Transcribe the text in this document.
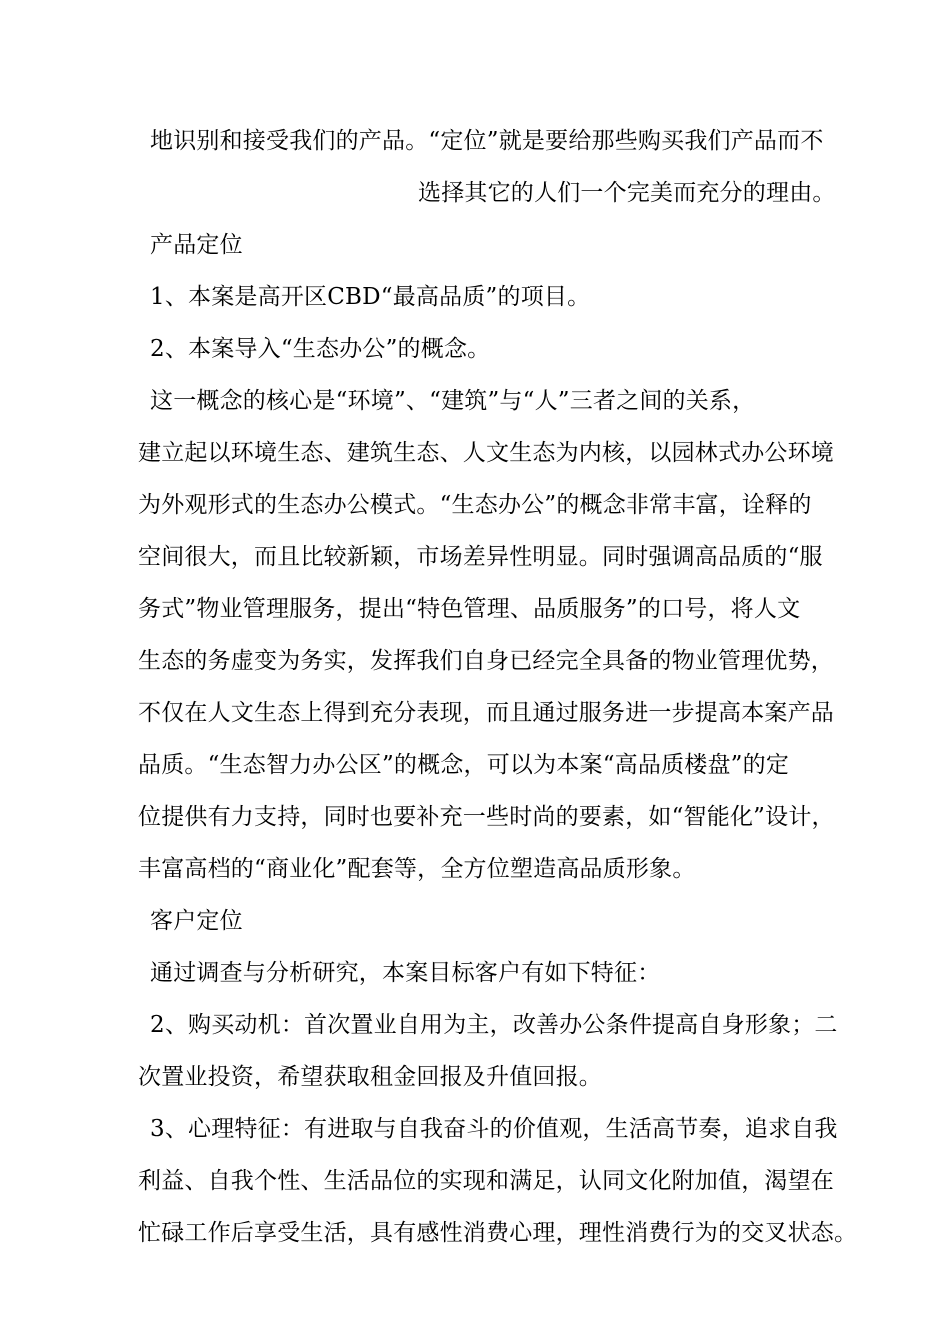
地识别和接受我们的产品。“定位”就是要给那些购买我们产品而不
选择其它的人们一个完美而充分的理由。
产品定位
1、本案是高开区CBD“最高品质”的项目。
2、本案导入“生态办公”的概念。
这一概念的核心是“环境”、“建筑”与“人”三者之间的关系，
建立起以环境生态、建筑生态、人文生态为内核，以园林式办公环境
为外观形式的生态办公模式。“生态办公”的概念非常丰富，诠释的
空间很大，而且比较新颖，市场差异性明显。同时强调高品质的“服
务式”物业管理服务，提出“特色管理、品质服务”的口号，将人文
生态的务虚变为务实，发挥我们自身已经完全具备的物业管理优势，
不仅在人文生态上得到充分表现，而且通过服务进一步提高本案产品
品质。“生态智力办公区”的概念，可以为本案“高品质楼盘”的定
位提供有力支持，同时也要补充一些时尚的要素，如“智能化”设计，
丰富高档的“商业化”配套等，全方位塑造高品质形象。
客户定位
通过调查与分析研究，本案目标客户有如下特征：
2、购买动机：首次置业自用为主，改善办公条件提高自身形象；二
次置业投资，希望获取租金回报及升值回报。
3、心理特征：有进取与自我奋斗的价值观，生活高节奏，追求自我
利益、自我个性、生活品位的实现和满足，认同文化附加值，渴望在
忙碌工作后享受生活，具有感性消费心理，理性消费行为的交叉状态。
